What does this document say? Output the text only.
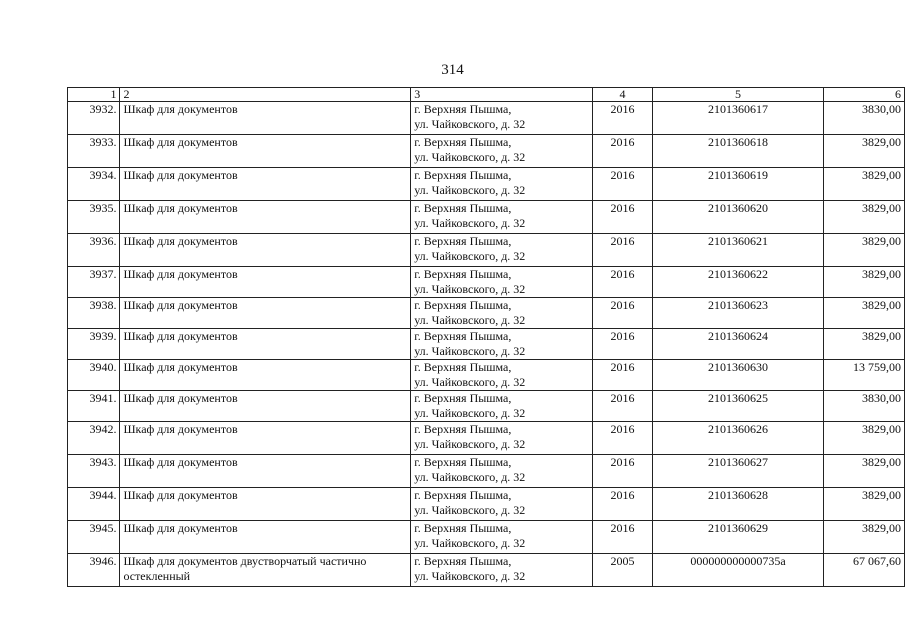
314
1	2	3	4	5	6

3932.	Шкаф для документов	г. Верхняя Пышма,
ул. Чайковского, д. 32	2016	2101360617	3830,00

3933.	Шкаф для документов	г. Верхняя Пышма,
ул. Чайковского, д. 32	2016	2101360618	3829,00

3934.	Шкаф для документов	г. Верхняя Пышма,
ул. Чайковского, д. 32	2016	2101360619	3829,00

3935.	Шкаф для документов	г. Верхняя Пышма,
ул. Чайковского, д. 32	2016	2101360620	3829,00

3936.	Шкаф для документов	г. Верхняя Пышма,
ул. Чайковского, д. 32	2016	2101360621	3829,00

3937.	Шкаф для документов	г. Верхняя Пышма,
ул. Чайковского, д. 32	2016	2101360622	3829,00

3938.	Шкаф для документов	г. Верхняя Пышма,
ул. Чайковского, д. 32	2016	2101360623	3829,00

3939.	Шкаф для документов	г. Верхняя Пышма,
ул. Чайковского, д. 32	2016	2101360624	3829,00

3940.	Шкаф для документов	г. Верхняя Пышма,
ул. Чайковского, д. 32	2016	2101360630	13 759,00

3941.	Шкаф для документов	г. Верхняя Пышма,
ул. Чайковского, д. 32	2016	2101360625	3830,00

3942.	Шкаф для документов	г. Верхняя Пышма,
ул. Чайковского, д. 32	2016	2101360626	3829,00

3943.	Шкаф для документов	г. Верхняя Пышма,
ул. Чайковского, д. 32	2016	2101360627	3829,00

3944.	Шкаф для документов	г. Верхняя Пышма,
ул. Чайковского, д. 32	2016	2101360628	3829,00

3945.	Шкаф для документов	г. Верхняя Пышма,
ул. Чайковского, д. 32	2016	2101360629	3829,00

3946.	Шкаф для документов двустворчатый частично остекленный	г. Верхняя Пышма,
ул. Чайковского, д. 32	2005	000000000000735а	67 067,60
